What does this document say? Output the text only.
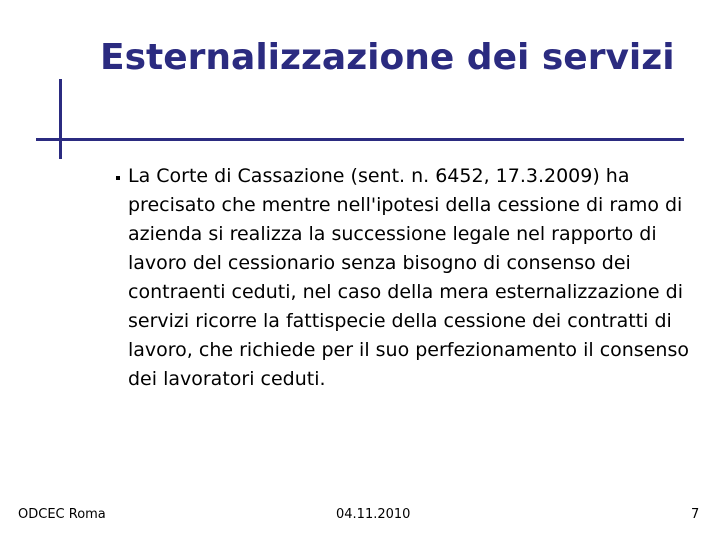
Esternalizzazione dei servizi

La Corte di Cassazione (sent. n. 6452, 17.3.2009) ha precisato che mentre nell'ipotesi della cessione di ramo di azienda si realizza la successione legale nel rapporto di lavoro del cessionario senza bisogno di consenso dei contraenti ceduti, nel caso della mera esternalizzazione di servizi ricorre la fattispecie della cessione dei contratti di lavoro, che richiede per il suo perfezionamento il consenso dei lavoratori ceduti.

ODCEC Roma	04.11.2010	7
